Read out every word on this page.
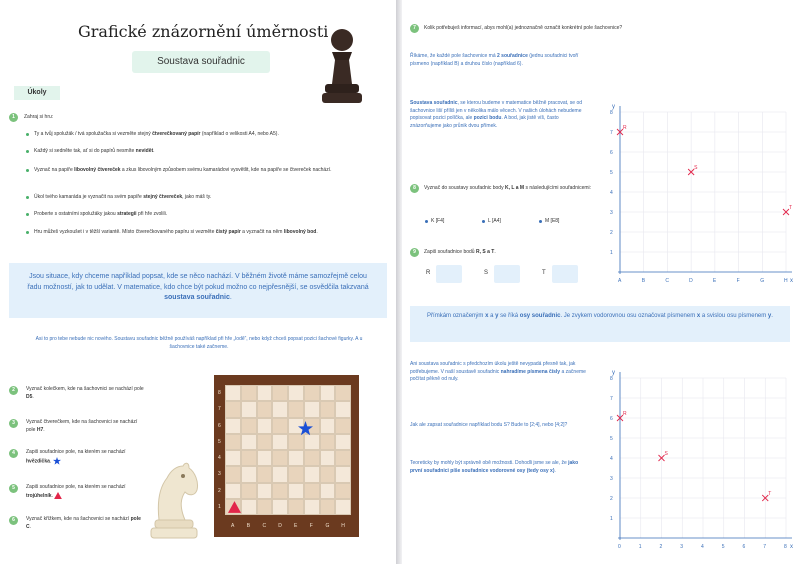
Grafické znázornění úměrnosti
Soustava souřadnic
Úkoly
1	Zahraj si hru:
Ty a tvůj spolužák / tvá spolužačka si vezměte stejný čtverečkovaný papír (například o velikosti A4, nebo A5).
Každý si sedněte tak, ať si do papírů nesmíte nevidět.
Vyznač na papíře libovolný čtvereček a zkus libovolným způsobem svému kamarádovi vysvětlit, kde na papíře se čtvereček nachází.
Úkol tvého kamaráda je vyznačit na svém papíře stejný čtvereček, jako máš ty.
Proberte s ostatními spolužáky jakou strategii při hře zvolili.
Hru můžeš vyzkoušet i v těžší variantě. Místo čtverečkovaného papíru si vezměte čistý papír a vyznačit na něm libovolný bod.
Jsou situace, kdy chceme například popsat, kde se něco nachází. V běžném životě máme samozřejmě celou řadu možností, jak to udělat. V matematice, kdo chce být pokud možno co nejpřesnější, se osvědčila takzvaná soustava souřadnic.
Asi to pro tebe nebude nic nového. Soustavu souřadnic běžně používáš například při hře „lodě“, nebo když chceš popsat pozici šachové figurky. A u šachovnice také začneme.
2	Vyznač kolečkem, kde na šachovnici se nachází pole D5.
3	Vyznač čtverečkem, kde na šachovnici se nachází pole H7.
4	Zapiš souřadnice pole, na kterém se nachází hvězdička.
5	Zapiš souřadnice pole, na kterém se nachází trojúhelník.
6	Vyznač křížkem, kde na šachovnici se nachází pole C.
8
7
6
5
4
3
2
1
A B C D E F	G H
7	Kolik potřebuješ informací, abys mohl(a) jednoznačně označit konkrétní pole šachovnice?
Říkáme, že každé pole šachovnice má 2 souřadnice (jednu souřadnici tvoří písmeno (například B) a druhou číslo (například 6).
Soustava souřadnic, se kterou budeme v matematice běžně pracovat, se od šachovnice liší příliš jen v několika málo věcech. V našich úlohách nebudeme popisovat pozici políčka, ale pozici bodu. A bod, jak jistě víš, často znázorňujeme jako průnik dvou přímek.
8	Vyznač do soustavy souřadnic body K, L a M s následujícími souřadnicemi:
K [F4]	L [A4]	M [E8]
9	Zapiš souřadnice bodů R, S a T.
R	S	T
Přímkám označeným x a y se říká osy souřadnic. Je zvykem vodorovnou osu označovat písmenem x a svislou osu písmenem y.
Ani soustava souřadnic s předchozím úkolu ještě nevypadá přesně tak, jak potřebujeme. V naší soustavě souřadnic nahradíme písmena čísly a začneme počítat pěkně od nuly.
Jak ale zapsat souřadnice například bodu S? Bude to [2;4], nebo [4;2]?
Teoreticky by mohly být správně obě možnosti. Dohodli jsme se ale, že jako první souřadnici píše souřadnice vodorovné osy (tedy osy x).
y
x
A	B	C	D	E	F	G	H
8
7
6
5
4
3
2
1
R
S
T
y
x
0	1	2	3	4	5	6	7	8
8
7
6
5
4
3
2
1
R
S
T
